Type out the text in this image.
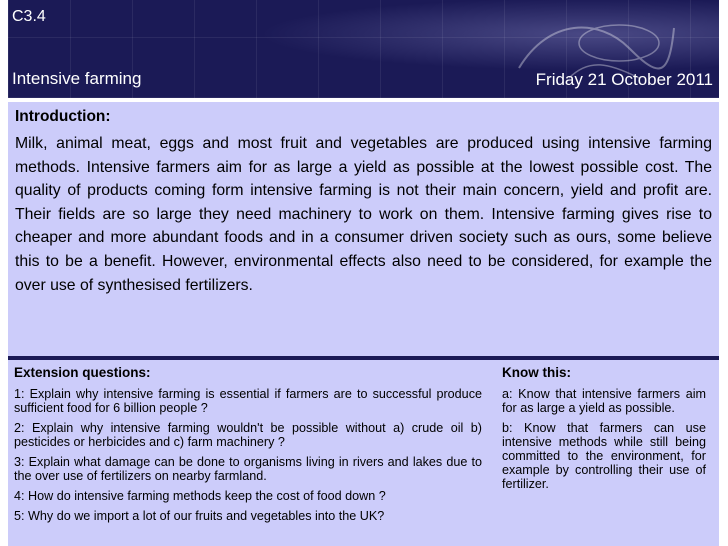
C3.4
Intensive farming	Friday 21 October 2011

Introduction:

Milk, animal meat, eggs and most fruit and vegetables are produced using intensive farming methods. Intensive farmers aim for as large a yield as possible at the lowest possible cost. The quality of products coming form intensive farming is not their main concern, yield and profit are. Their fields are so large they need machinery to work on them. Intensive farming gives rise to cheaper and more abundant foods and in a consumer driven society such as ours, some believe this to be a benefit. However, environmental effects also need to be considered, for example the over use of synthesised fertilizers.

Extension questions:
1: Explain why intensive farming is essential if farmers are to successful produce sufficient food for 6 billion people ?
2: Explain why intensive farming wouldn't be possible without a) crude oil b) pesticides or herbicides and c) farm machinery ?
3: Explain what damage can be done to organisms living in rivers and lakes due to the over use of fertilizers on nearby farmland.
4: How do intensive farming methods keep the cost of food down ?
5: Why do we import a lot of our fruits and vegetables into the UK?
Know this:
a: Know that intensive farmers aim for as large a yield as possible.
b: Know that farmers can use intensive methods while still being committed to the environment, for example by controlling their use of fertilizer.
